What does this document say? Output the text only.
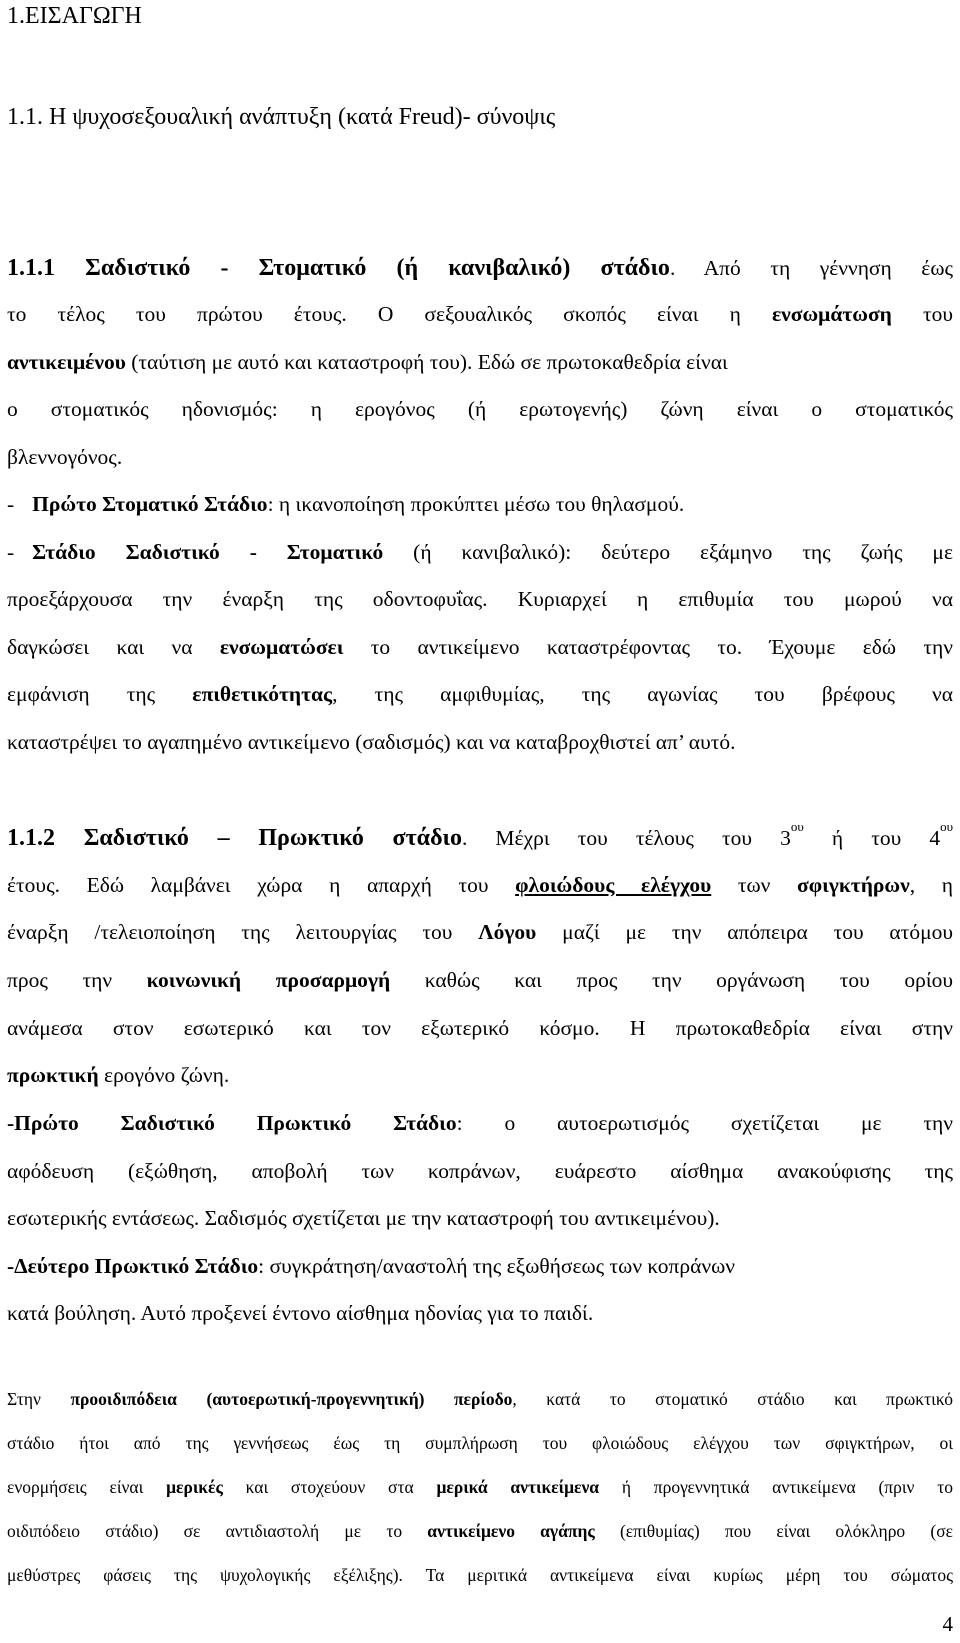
1.ΕΙΣΑΓΩΓΗ
1.1. Η ψυχοσεξουαλική ανάπτυξη (κατά Freud)- σύνοψις
1.1.1 Σαδιστικό - Στοματικό (ή κανιβαλικό) στάδιο. Από τη γέννηση έως
το τέλος του πρώτου έτους. Ο σεξουαλικός σκοπός είναι η ενσωμάτωση του
αντικειμένου (ταύτιση με αυτό και καταστροφή του). Εδώ σε πρωτοκαθεδρία είναι
ο στοματικός ηδονισμός: η ερογόνος (ή ερωτογενής) ζώνη είναι ο στοματικός
βλεννογόνος.
- Πρώτο Στοματικό Στάδιο: η ικανοποίηση προκύπτει μέσω του θηλασμού.
- Στάδιο Σαδιστικό - Στοματικό (ή κανιβαλικό): δεύτερο εξάμηνο της ζωής με
προεξάρχουσα την έναρξη της οδοντοφυΐας. Κυριαρχεί η επιθυμία του μωρού να
δαγκώσει και να ενσωματώσει το αντικείμενο καταστρέφοντας το. Έχουμε εδώ την
εμφάνιση της επιθετικότητας, της αμφιθυμίας, της αγωνίας του βρέφους να
καταστρέψει το αγαπημένο αντικείμενο (σαδισμός) και να καταβροχθιστεί απ’ αυτό.
1.1.2 Σαδιστικό – Πρωκτικό στάδιο. Μέχρι του τέλους του $3^{o\upsilon}$ ή του $4^{o\upsilon}$
έτους. Εδώ λαμβάνει χώρα η απαρχή του φλοιώδους ελέγχου των σφιγκτήρων, η
έναρξη /τελειοποίηση της λειτουργίας του Λόγου μαζί με την απόπειρα του ατόμου
προς την κοινωνική προσαρμογή καθώς και προς την οργάνωση του ορίου
ανάμεσα στον εσωτερικό και τον εξωτερικό κόσμο. Η πρωτοκαθεδρία είναι στην
πρωκτική ερογόνο ζώνη.
-Πρώτο Σαδιστικό Πρωκτικό Στάδιο: ο αυτοερωτισμός σχετίζεται με την
αφόδευση (εξώθηση, αποβολή των κοπράνων, ευάρεστο αίσθημα ανακούφισης της
εσωτερικής εντάσεως. Σαδισμός σχετίζεται με την καταστροφή του αντικειμένου).
-Δεύτερο Πρωκτικό Στάδιο: συγκράτηση/αναστολή της εξωθήσεως των κοπράνων
κατά βούληση. Αυτό προξενεί έντονο αίσθημα ηδονίας για το παιδί.
Στην προοιδιπόδεια (αυτοερωτική-προγεννητική) περίοδο, κατά το στοματικό στάδιο και πρωκτικό
στάδιο ήτοι από της γεννήσεως έως τη συμπλήρωση του φλοιώδους ελέγχου των σφιγκτήρων, οι
ενορμήσεις είναι μερικές και στοχεύουν στα μερικά αντικείμενα ή προγεννητικά αντικείμενα (πριν το
οιδιπόδειο στάδιο) σε αντιδιαστολή με το αντικείμενο αγάπης (επιθυμίας) που είναι ολόκληρο (σε
μεθύστρες φάσεις της ψυχολογικής εξέλιξης). Τα μεριτικά αντικείμενα είναι κυρίως μέρη του σώματος
4
